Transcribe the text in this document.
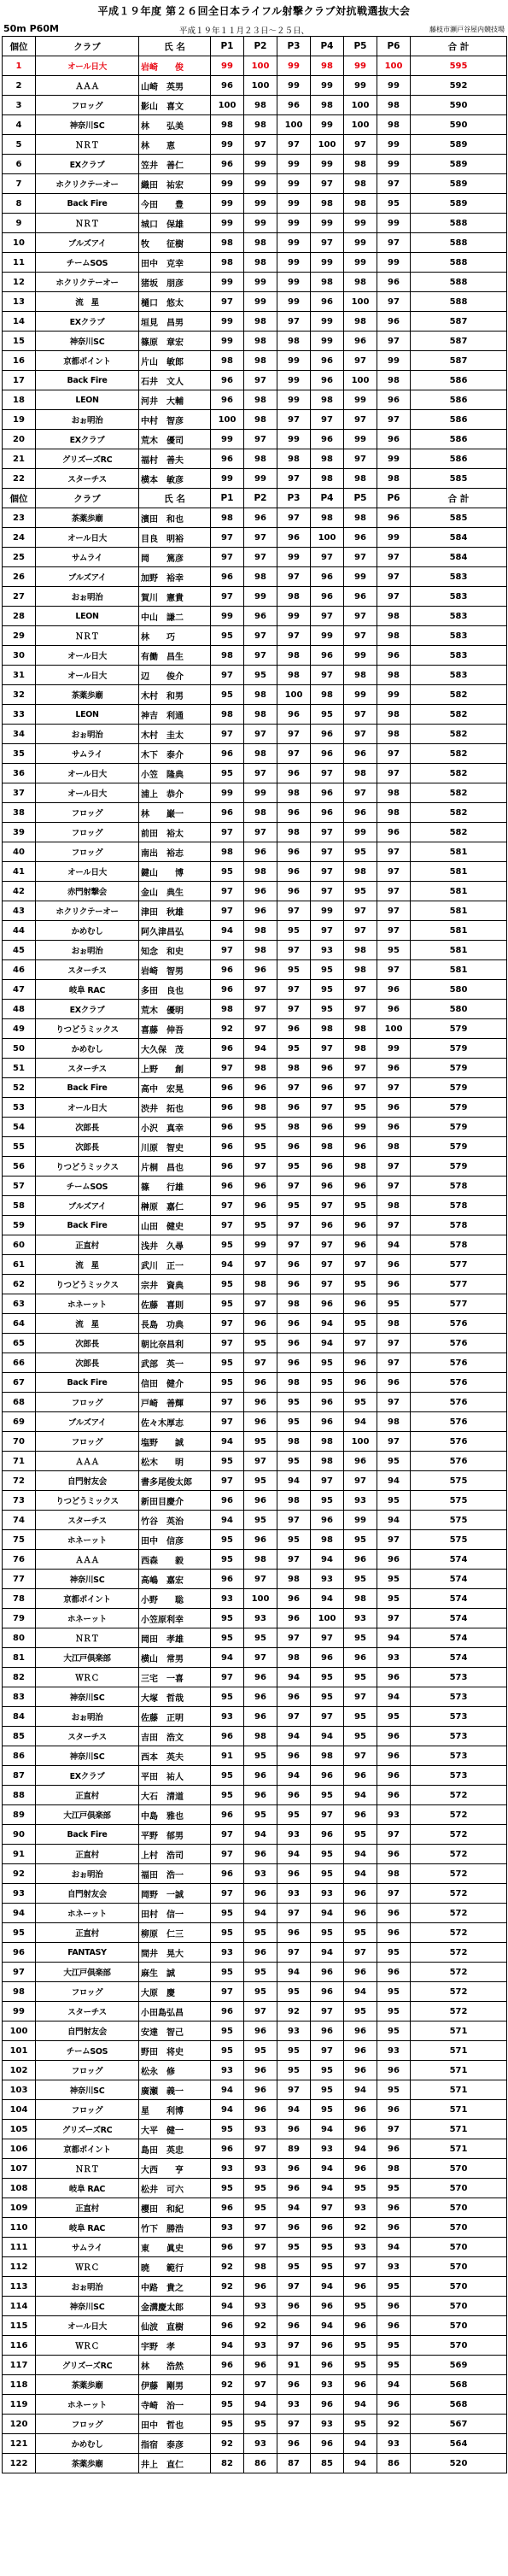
平成１９年度 第２６回全日本ライフル射撃クラブ対抗戦選抜大会
50m P60M	平成１９年１１月２３日～２５日、	藤枝市瀬戸谷屋内競技場
個位	クラブ	氏 名	P1	P2	P3	P4	P5	P6	合 計
1	オール日大	岩崎　　俊	99	100	99	98	99	100	595
2	ＡＡＡ	山崎　英男	96	100	99	99	99	99	592
3	フロッグ	影山　喜文	100	98	96	98	100	98	590
4	神奈川SC	林　　弘美	98	98	100	99	100	98	590
5	ＮＲＴ	林　　恵	99	97	97	100	97	99	589
6	EXクラブ	笠井　善仁	96	99	99	99	98	99	589
7	ホクリクテーオー	織田　祐宏	99	99	99	97	98	97	589
8	Back Fire	今田　　豊	99	99	99	98	98	95	589
9	ＮＲＴ	城口　保雄	99	99	99	99	99	99	588
10	ブルズアイ	牧　　征樹	98	98	99	97	99	97	588
11	チームSOS	田中　克幸	98	98	99	99	99	99	588
12	ホクリクテーオー	猪坂　朋彦	99	99	99	98	98	96	588
13	流　星	樋口　悠太	97	99	99	96	100	97	588
14	EXクラブ	垣見　昌男	99	98	97	99	98	96	587
15	神奈川SC	篠原　章宏	99	98	98	99	96	97	587
16	京都ポイント	片山　敏郎	98	98	99	96	97	99	587
17	Back Fire	石井　文人	96	97	99	96	100	98	586
18	LEON	河井　大輔	96	98	99	98	99	96	586
19	おぉ明治	中村　智彦	100	98	97	97	97	97	586
20	EXクラブ	荒木　優司	99	97	99	96	99	96	586
21	グリズーズRC	福村　善夫	96	98	98	98	97	99	586
22	スターチス	横本　敏彦	99	99	97	98	98	98	585
個位	クラブ	氏 名	P1	P2	P3	P4	P5	P6	合 計
23	茶薬歩廟	濱田　和也	98	96	97	98	98	96	585
24	オール日大	目良　明裕	97	97	96	100	96	99	584
25	サムライ	岡　　篤彦	97	97	99	97	97	97	584
26	ブルズアイ	加野　裕幸	96	98	97	96	99	97	583
27	おぉ明治	賀川　憲貴	97	99	98	96	96	97	583
28	LEON	中山　謙二	99	96	99	97	97	98	583
29	ＮＲＴ	林　　巧	95	97	97	99	97	98	583
30	オール日大	有働　昌生	98	97	98	96	99	96	583
31	オール日大	辺　　俊介	97	95	98	97	98	98	583
32	茶薬歩廟	木村　和男	95	98	100	98	99	99	582
33	LEON	神吉　利通	98	98	96	95	97	98	582
34	おぉ明治	木村　圭太	97	97	97	96	97	98	582
35	サムライ	木下　泰介	96	98	97	96	96	97	582
36	オール日大	小笠　隆典	95	97	96	97	98	97	582
37	オール日大	浦上　恭介	99	99	98	96	97	98	582
38	フロッグ	林　　巌一	96	98	96	96	96	98	582
39	フロッグ	前田　裕太	97	97	98	97	99	96	582
40	フロッグ	南出　裕志	98	96	96	97	95	97	581
41	オール日大	鍵山　　博	95	98	96	97	98	97	581
42	赤門射撃会	金山　典生	97	96	96	97	95	97	581
43	ホクリクテーオー	津田　秋雄	97	96	97	99	97	97	581
44	かめむし	阿久津昌弘	94	98	95	97	97	97	581
45	おぉ明治	知念　和史	97	98	97	93	98	95	581
46	スターチス	岩崎　智男	96	96	95	95	98	97	581
47	岐阜 RAC	多田　良也	96	97	97	95	97	96	580
48	EXクラブ	荒木　優明	98	97	97	95	97	96	580
49	りつどうミックス	喜藤　伸吾	92	97	96	98	98	100	579
50	かめむし	大久保　茂	96	94	95	97	98	99	579
51	スターチス	上野　　創	97	98	98	96	97	96	579
52	Back Fire	高中　宏晃	96	96	97	96	97	97	579
53	オール日大	渋井　拓也	96	98	96	97	95	96	579
54	次郎長	小沢　真幸	96	95	98	96	99	96	579
55	次郎長	川原　智史	96	95	96	98	96	98	579
56	りつどうミックス	片桐　昌也	96	97	95	96	98	97	579
57	チームSOS	篠　　行雄	96	96	97	96	96	97	578
58	ブルズアイ	榊原　嘉仁	97	96	95	97	95	98	578
59	Back Fire	山田　健史	97	95	97	96	96	97	578
60	正直村	浅井　久尋	95	99	97	97	96	94	578
61	流　星	武川　正一	94	97	96	97	97	96	577
62	りつどうミックス	宗井　資典	95	98	96	97	95	96	577
63	ホネーット	佐藤　喜則	95	97	98	96	96	95	577
64	流　星	長島　功典	97	96	96	94	95	98	576
65	次郎長	朝比奈昌利	97	95	96	94	97	97	576
66	次郎長	武部　英一	95	97	96	95	96	97	576
67	Back Fire	信田　健介	95	96	98	95	96	96	576
68	フロッグ	戸崎　善輝	97	96	95	96	95	97	576
69	ブルズアイ	佐々木厚志	97	96	95	96	94	98	576
70	フロッグ	塩野　　誠	94	95	98	98	100	97	576
71	ＡＡＡ	松木　　明	95	97	95	98	96	95	576
72	自門射友会	書多尾俊太郎	97	95	94	97	97	94	575
73	りつどうミックス	新田目慶介	96	96	98	95	93	95	575
74	スターチス	竹谷　英治	94	95	97	96	99	94	575
75	ホネーット	田中　信彦	95	96	95	98	95	97	575
76	ＡＡＡ	西森　　毅	95	98	97	94	96	96	574
77	神奈川SC	高嶋　嘉宏	96	97	98	93	95	95	574
78	京都ポイント	小野　　聡	93	100	96	94	98	95	574
79	ホネーット	小笠原利幸	95	93	96	100	93	97	574
80	ＮＲＴ	岡田　孝雄	95	95	97	97	95	94	574
81	大江戸倶楽部	横山　常男	94	97	98	96	96	93	574
82	ＷＲＣ	三宅　一喜	97	96	94	95	95	96	573
83	神奈川SC	大塚　哲哉	95	96	96	95	97	94	573
84	おぉ明治	佐藤　正明	93	96	97	97	95	95	573
85	スターチス	吉田　浩文	96	98	94	94	95	96	573
86	神奈川SC	西本　英夫	91	95	96	98	97	96	573
87	EXクラブ	平田　祐人	95	96	94	96	96	96	573
88	正直村	大石　清道	95	96	96	95	94	96	572
89	大江戸倶楽部	中島　雅也	96	95	95	97	96	93	572
90	Back Fire	平野　郁男	97	94	93	96	95	97	572
91	正直村	上村　浩司	97	96	94	95	94	96	572
92	おぉ明治	福田　浩一	96	93	96	95	94	98	572
93	自門射友会	岡野　一誠	97	96	93	93	96	97	572
94	ホネーット	田村　信一	95	94	97	94	96	96	572
95	正直村	柳原　仁三	95	95	96	95	95	96	572
96	FANTASY	間井　晃大	93	96	97	94	97	95	572
97	大江戸倶楽部	麻生　誠	95	95	94	96	96	96	572
98	フロッグ	大原　慶	97	95	95	96	94	95	572
99	スターチス	小田島弘昌	96	97	92	97	95	95	572
100	自門射友会	安達　智己	95	96	93	96	96	95	571
101	チームSOS	野田　将史	95	95	95	97	96	93	571
102	フロッグ	松永　修	93	96	95	95	96	96	571
103	神奈川SC	廣瀬　義一	94	96	97	95	94	95	571
104	フロッグ	星　　利博	94	96	94	95	96	96	571
105	グリズーズRC	大平　健一	95	93	96	94	96	97	571
106	京都ポイント	島田　英忠	96	97	89	93	94	96	571
107	ＮＲＴ	大西　　亨	93	93	96	94	96	98	570
108	岐阜 RAC	松井　可六	95	95	96	94	95	95	570
109	正直村	櫻田　和紀	96	95	94	97	93	96	570
110	岐阜 RAC	竹下　勝浩	93	97	96	96	92	96	570
111	サムライ	東　　眞史	96	97	95	95	93	94	570
112	ＷＲＣ	暁　　範行	92	98	95	95	97	93	570
113	おぉ明治	中路　貴之	92	96	97	94	96	95	570
114	神奈川SC	金溝慶太郎	94	93	96	96	95	96	570
115	オール日大	仙波　直樹	96	92	96	94	96	96	570
116	ＷＲＣ	宇野　孝	94	93	97	96	95	95	570
117	グリズーズRC	林　　浩然	96	96	91	96	95	95	569
118	茶薬歩廟	伊藤　剛男	92	97	96	93	96	94	568
119	ホネーット	寺崎　治一	95	94	93	96	94	96	568
120	フロッグ	田中　哲也	95	95	97	93	95	92	567
121	かめむし	指宿　泰彦	92	93	96	96	94	93	564
122	茶薬歩廟	井上　直仁	82	86	87	85	94	86	520
